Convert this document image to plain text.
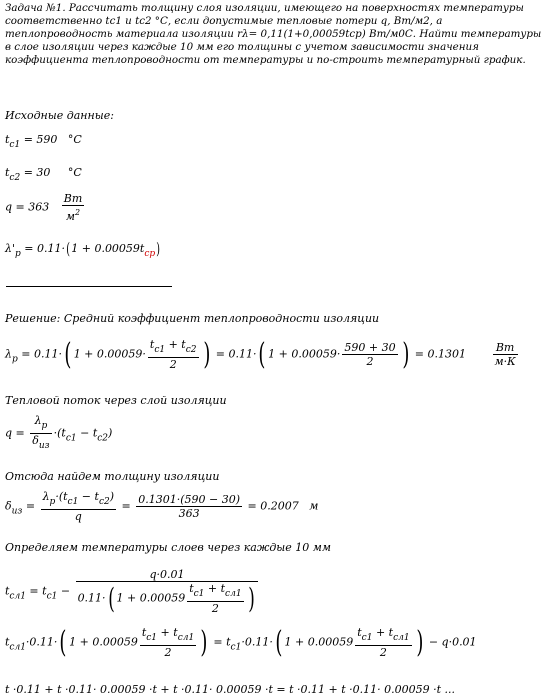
Задача №1. Рассчитать толщину слоя изоляции, имеющего на поверхностях температуры соответственно tc1 и tc2 °С, если допустимые тепловые потери q, Вт/м2, а теплопроводность материала изоляции rλ= 0,11(1+0,00059tср) Вт/м0С. Найти температуры в слое изоляции через каждые 10 мм его толщины с учетом зависимости значения коэффициента теплопроводности от температуры и по-строить температурный график.
Исходные данные:
$t_{c1} = 590$ °C
$t_{c2} = 30$ °C
$q = 363 \frac{Вт}{м^2}$
$\lambda'_p = 0.11\cdot(1 + 0.00059t_{cp})$
Решение: Средний коэффициент теплопроводности изоляции
$\lambda_p = 0.11\cdot$( $1 + 0.00059\cdot \frac{t_{c1} + t_{c2}}{2}$ ) = 0.11·( $1 + 0.00059\cdot \frac{590 + 30}{2}$ ) = $0.1301 \frac{Вт}{м\cdot К}$
Тепловой поток через слой изоляции
$q = \frac{\lambda_p}{\delta_{из}} \cdot(t_{c1} - t_{c2})$
Отсюда найдем толщину изоляции
$\delta_{из} = \frac{\lambda_p\cdot(t_{c1} - t_{c2})}{q} = \frac{0.1301\cdot(590 - 30)}{363} = 0.2007$ м
Определяем температуры слоев через каждые 10 мм
$t_{сл1} = t_{c1} - \frac{q\cdot 0.01}{0.11\cdot( 1 + 0.00059 \frac{t_{c1} + t_{сл1}}{2} )}$
$t_{сл1}\cdot 0.11\cdot$( $1 + 0.00059 \frac{t_{c1} + t_{сл1}}{2}$ ) = $t_{c1}\cdot 0.11\cdot$( $1 + 0.00059 \frac{t_{c1} + t_{сл1}}{2}$ ) − q·0.01
t ·0.11 + t ·0.11· 0.00059 ·t + t ·0.11· 0.00059 ·t = t ·0.11 + t ·0.11· 0.00059 ·t ...
